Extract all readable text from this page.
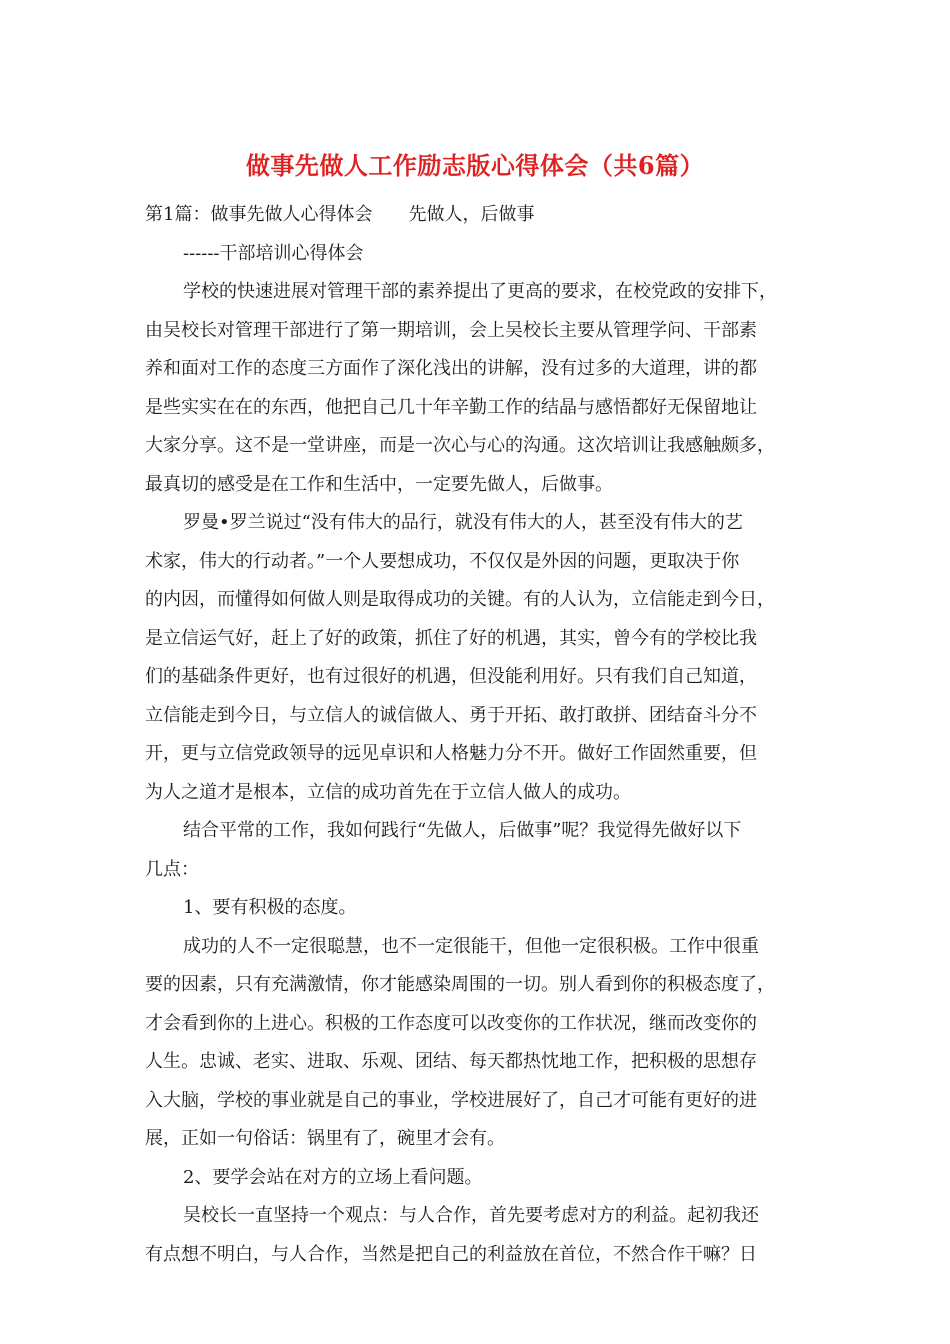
做事先做人工作励志版心得体会（共6篇）
第1篇：做事先做人心得体会 先做人，后做事
------干部培训心得体会
学校的快速进展对管理干部的素养提出了更高的要求，在校党政的安排下，
由吴校长对管理干部进行了第一期培训，会上吴校长主要从管理学问、干部素
养和面对工作的态度三方面作了深化浅出的讲解，没有过多的大道理，讲的都
是些实实在在的东西，他把自己几十年辛勤工作的结晶与感悟都好无保留地让
大家分享。这不是一堂讲座，而是一次心与心的沟通。这次培训让我感触颇多，
最真切的感受是在工作和生活中，一定要先做人，后做事。
罗曼•罗兰说过“没有伟大的品行，就没有伟大的人，甚至没有伟大的艺
术家，伟大的行动者。”一个人要想成功，不仅仅是外因的问题，更取决于你
的内因，而懂得如何做人则是取得成功的关键。有的人认为，立信能走到今日，
是立信运气好，赶上了好的政策，抓住了好的机遇，其实，曾今有的学校比我
们的基础条件更好，也有过很好的机遇，但没能利用好。只有我们自己知道，
立信能走到今日，与立信人的诚信做人、勇于开拓、敢打敢拼、团结奋斗分不
开，更与立信党政领导的远见卓识和人格魅力分不开。做好工作固然重要，但
为人之道才是根本，立信的成功首先在于立信人做人的成功。
结合平常的工作，我如何践行“先做人，后做事”呢？我觉得先做好以下
几点：
1、要有积极的态度。
成功的人不一定很聪慧，也不一定很能干，但他一定很积极。工作中很重
要的因素，只有充满激情，你才能感染周围的一切。别人看到你的积极态度了，
才会看到你的上进心。积极的工作态度可以改变你的工作状况，继而改变你的
人生。忠诚、老实、进取、乐观、团结、每天都热忱地工作，把积极的思想存
入大脑，学校的事业就是自己的事业，学校进展好了，自己才可能有更好的进
展，正如一句俗话：锅里有了，碗里才会有。
2、要学会站在对方的立场上看问题。
吴校长一直坚持一个观点：与人合作，首先要考虑对方的利益。起初我还
有点想不明白，与人合作，当然是把自己的利益放在首位，不然合作干嘛？日
